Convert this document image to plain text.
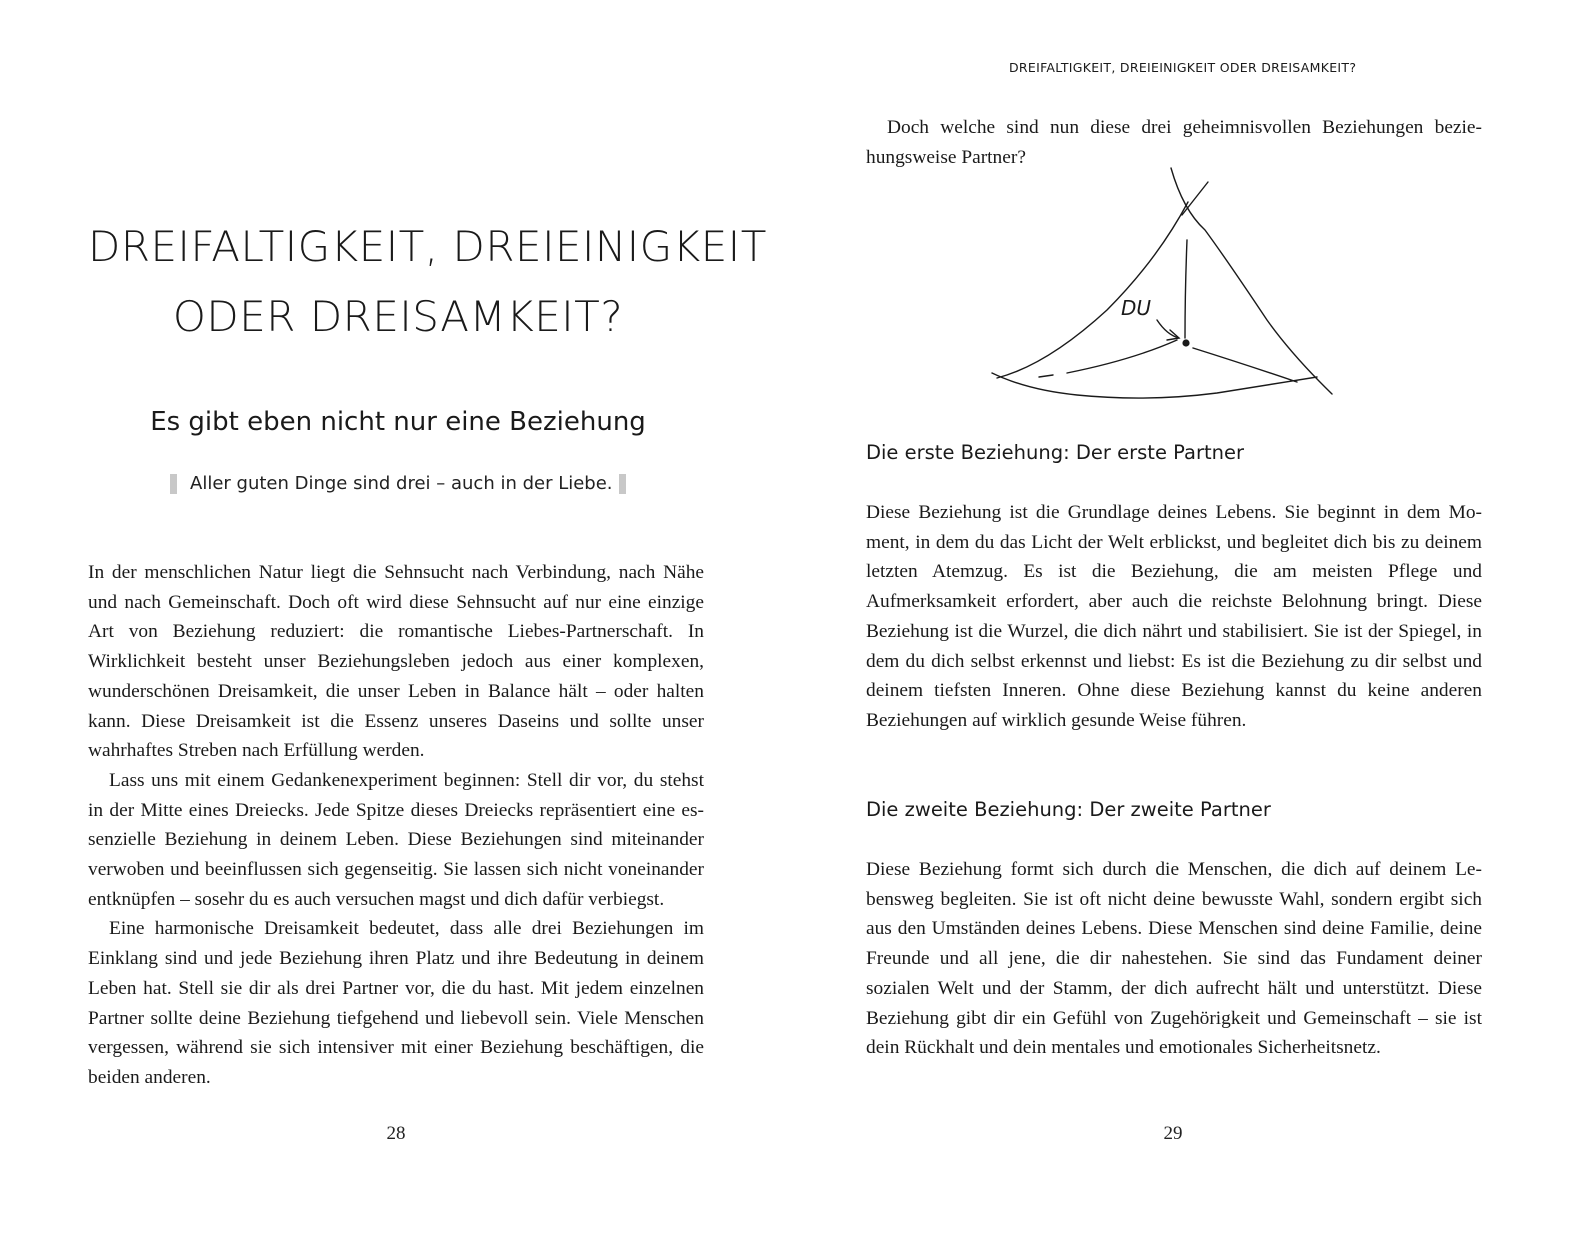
DREIFALTIGKEIT, DREIEINIGKEIT
ODER DREISAMKEIT?
Es gibt eben nicht nur eine Beziehung
Aller guten Dinge sind drei – auch in der Liebe.

In der menschlichen Natur liegt die Sehnsucht nach Verbindung, nach Nähe und nach Gemeinschaft. Doch oft wird diese Sehnsucht auf nur eine einzige Art von Beziehung reduziert: die romantische Liebes-Partnerschaft. In Wirklichkeit besteht unser Beziehungsleben jedoch aus einer komplexen, wunderschönen Dreisamkeit, die unser Leben in Balance hält – oder halten kann. Diese Dreisamkeit ist die Essenz unseres Daseins und sollte unser wahrhaftes Streben nach Erfüllung werden.

Lass uns mit einem Gedankenexperiment beginnen: Stell dir vor, du stehst in der Mitte eines Dreiecks. Jede Spitze dieses Dreiecks repräsentiert eine essenzielle Beziehung in deinem Leben. Diese Beziehungen sind miteinander verwoben und beeinflussen sich gegenseitig. Sie lassen sich nicht voneinander entknüpfen – sosehr du es auch versuchen magst und dich dafür verbiegst.

Eine harmonische Dreisamkeit bedeutet, dass alle drei Beziehungen im Einklang sind und jede Beziehung ihren Platz und ihre Bedeutung in deinem Leben hat. Stell sie dir als drei Partner vor, die du hast. Mit jedem einzelnen Partner sollte deine Beziehung tiefgehend und liebevoll sein. Viele Menschen vergessen, während sie sich intensiver mit einer Beziehung beschäftigen, die beiden anderen.

28
DREIFALTIGKEIT, DREIEINIGKEIT ODER DREISAMKEIT?

Doch welche sind nun diese drei geheimnisvollen Beziehungen beziehungsweise Partner?

DU
Die erste Beziehung: Der erste Partner

Diese Beziehung ist die Grundlage deines Lebens. Sie beginnt in dem Moment, in dem du das Licht der Welt erblickst, und begleitet dich bis zu deinem letzten Atemzug. Es ist die Beziehung, die am meisten Pflege und Aufmerksamkeit erfordert, aber auch die reichste Belohnung bringt. Diese Beziehung ist die Wurzel, die dich nährt und stabilisiert. Sie ist der Spiegel, in dem du dich selbst erkennst und liebst: Es ist die Beziehung zu dir selbst und deinem tiefsten Inneren. Ohne diese Beziehung kannst du keine anderen Beziehungen auf wirklich gesunde Weise führen.

Die zweite Beziehung: Der zweite Partner

Diese Beziehung formt sich durch die Menschen, die dich auf deinem Lebensweg begleiten. Sie ist oft nicht deine bewusste Wahl, sondern ergibt sich aus den Umständen deines Lebens. Diese Menschen sind deine Familie, deine Freunde und all jene, die dir nahestehen. Sie sind das Fundament deiner sozialen Welt und der Stamm, der dich aufrecht hält und unterstützt. Diese Beziehung gibt dir ein Gefühl von Zugehörigkeit und Gemeinschaft – sie ist dein Rückhalt und dein mentales und emotionales Sicherheitsnetz.

29
